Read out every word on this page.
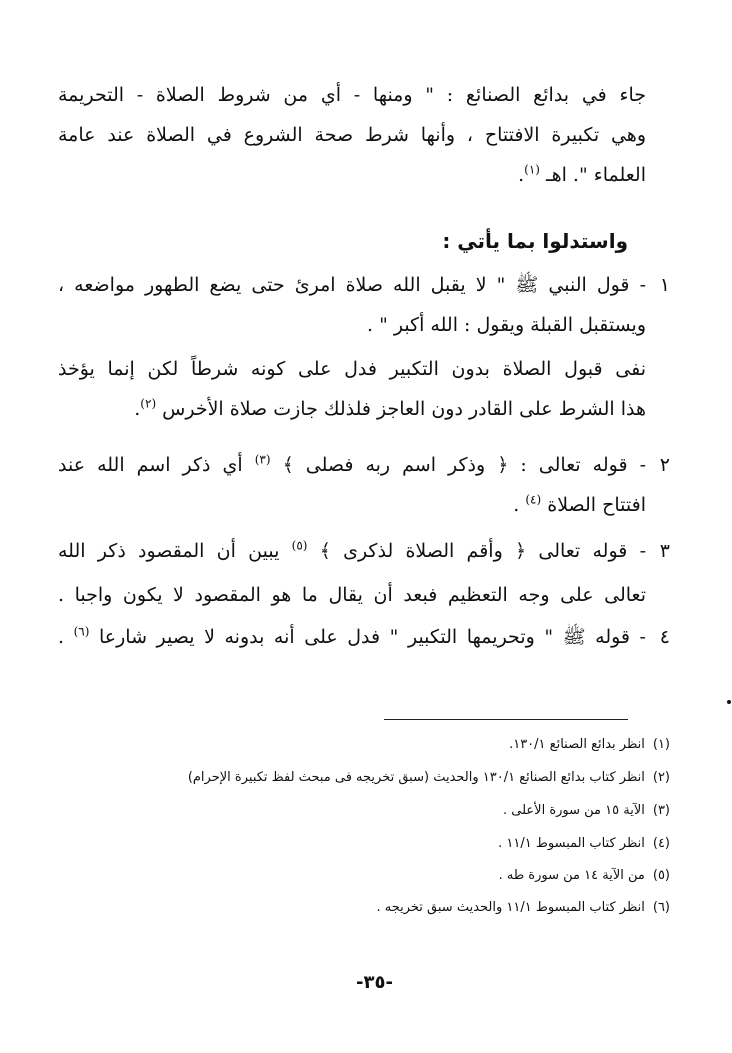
جاء في بدائع الصنائع : " ومنها - أي من شروط الصلاة - التحريمة
وهي تكبيرة الافتتاح ، وأنها شرط صحة الشروع في الصلاة عند عامة
العلماء ". اهـ $^{(١)}$.
واستدلوا بما يأتي :
١
- قول النبي ﷺ " لا يقبل الله صلاة امرئ حتى يضع الطهور مواضعه ،
ويستقبل القبلة ويقول : الله أكبر " .
نفى قبول الصلاة بدون التكبير فدل على كونه شرطاً لكن إنما يؤخذ
هذا الشرط على القادر دون العاجز فلذلك جازت صلاة الأخرس $^{(٢)}$.
٢
- قوله تعالى : ﴿ وذكر اسم ربه فصلى ﴾ $^{(٣)}$ أي ذكر اسم الله عند
افتتاح الصلاة $^{(٤)}$ .
٣
- قوله تعالى ﴿ وأقم الصلاة لذكرى ﴾ $^{(٥)}$ يبين أن المقصود ذكر الله
تعالى على وجه التعظيم فبعد أن يقال ما هو المقصود لا يكون واجبا .
٤
- قوله ﷺ " وتحريمها التكبير " فدل على أنه بدونه لا يصير شارعا $^{(٦)}$ .
(١)انظر بدائع الصنائع ١٣٠/١.
(٢)انظر كتاب بدائع الصنائع ١٣٠/١ والحديث (سبق تخريجه فى مبحث لفظ تكبيرة الإحرام)
(٣)الآية ١٥ من سورة الأعلى .
(٤)انظر كتاب المبسوط ١١/١ .
(٥)من الآية ١٤ من سورة طه .
(٦)انظر كتاب المبسوط ١١/١ والحديث سبق تخريجه .
-٣٥-
